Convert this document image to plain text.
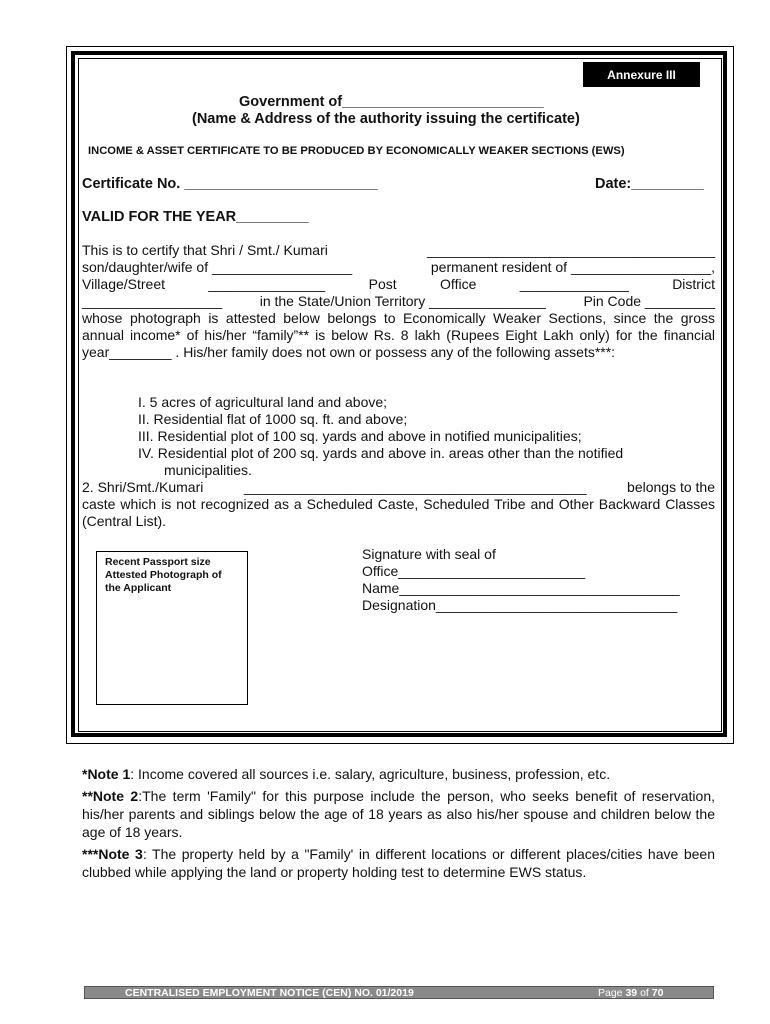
Annexure III
Government of_________________________
(Name & Address of the authority issuing the certificate)
INCOME & ASSET CERTIFICATE TO BE PRODUCED BY ECONOMICALLY WEAKER SECTIONS (EWS)
Certificate No. ________________________	Date:_________
VALID FOR THE YEAR_________
This is to certify that Shri / Smt./ Kumari	_____________________________________
son/daughter/wife of __________________	permanent resident of __________________,
Village/Street	_______________	Post	Office	______________	District
__________________	in the State/Union Territory _______________	Pin Code _________
whose photograph is attested below belongs to Economically Weaker Sections, since the gross annual income* of his/her “family”** is below Rs. 8 lakh (Rupees Eight Lakh only) for the financial year________ . His/her family does not own or possess any of the following assets***:
I. 5 acres of agricultural land and above;
II. Residential flat of 1000 sq. ft. and above;
III. Residential plot of 100 sq. yards and above in notified municipalities;
IV. Residential plot of 200 sq. yards and above in. areas other than the notified
municipalities.
2. Shri/Smt./Kumari	____________________________________________	belongs to the
caste which is not recognized as a Scheduled Caste, Scheduled Tribe and Other Backward Classes (Central List).
Recent Passport size Attested Photograph of the Applicant
Signature with seal of
Office________________________
Name____________________________________
Designation_______________________________
*Note 1: Income covered all sources i.e. salary, agriculture, business, profession, etc.
**Note 2:The term 'Family" for this purpose include the person, who seeks benefit of reservation, his/her parents and siblings below the age of 18 years as also his/her spouse and children below the age of 18 years.
***Note 3: The property held by a "Family' in different locations or different places/cities have been clubbed while applying the land or property holding test to determine EWS status.
CENTRALISED EMPLOYMENT NOTICE (CEN) NO. 01/2019	Page 39 of 70
